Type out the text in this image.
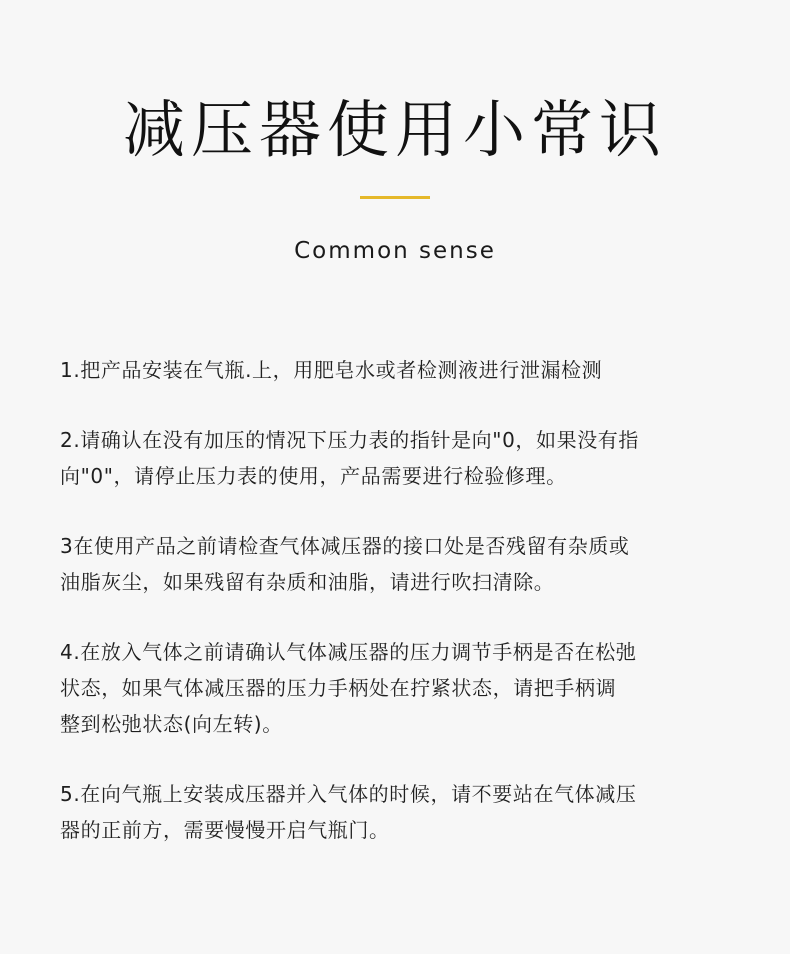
减压器使用小常识
Common sense
1.把产品安装在气瓶.上，用肥皂水或者检测液进行泄漏检测
2.请确认在没有加压的情况下压力表的指针是向"0，如果没有指
向"0"，请停止压力表的使用，产品需要进行检验修理。
3在使用产品之前请检查气体减压器的接口处是否残留有杂质或
油脂灰尘，如果残留有杂质和油脂，请进行吹扫清除。
4.在放入气体之前请确认气体减压器的压力调节手柄是否在松弛
状态，如果气体减压器的压力手柄处在拧紧状态，请把手柄调
整到松弛状态(向左转)。
5.在向气瓶上安装成压器并入气体的时候，请不要站在气体减压
器的正前方，需要慢慢开启气瓶门。
